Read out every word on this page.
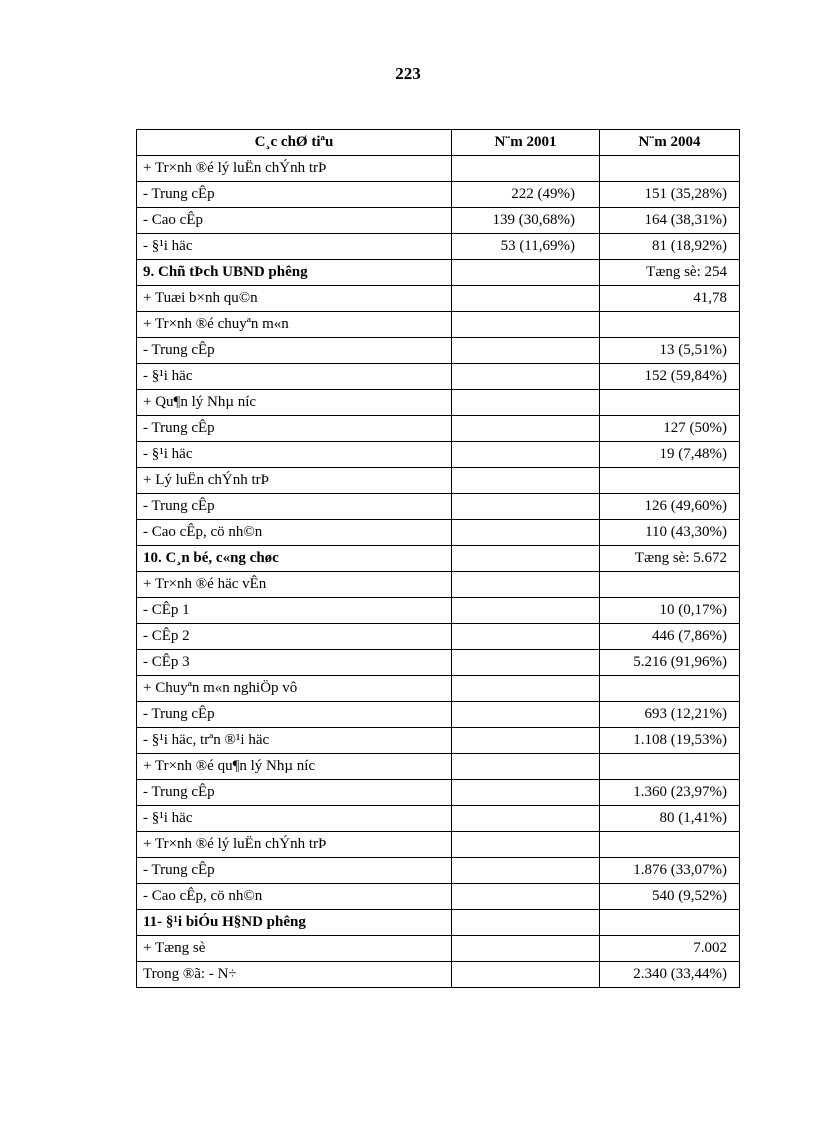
223
C¸c chØ tiªu	N¨m 2001	N¨m 2004
+ Tr×nh ®é lý luËn chÝnh trÞ		
- Trung cÊp	222 (49%)	151 (35,28%)
- Cao cÊp	139 (30,68%)	164 (38,31%)
- §¹i häc	53 (11,69%)	81 (18,92%)
9. Chñ tÞch UBND phêng		Tæng sè: 254
+ Tuæi b×nh qu©n		41,78
+ Tr×nh ®é chuyªn m«n		
- Trung cÊp		13 (5,51%)
- §¹i häc		152 (59,84%)
+ Qu¶n lý Nhµ níc		
- Trung cÊp		127 (50%)
- §¹i häc		19 (7,48%)
+ Lý luËn chÝnh trÞ		
- Trung cÊp		126 (49,60%)
- Cao cÊp, cö nh©n		110 (43,30%)
10. C¸n bé, c«ng chøc		Tæng sè: 5.672
+ Tr×nh ®é häc vÊn		
- CÊp 1		10 (0,17%)
- CÊp 2		446 (7,86%)
- CÊp 3		5.216 (91,96%)
+ Chuyªn m«n nghiÖp vô		
- Trung cÊp		693 (12,21%)
- §¹i häc, trªn ®¹i häc		1.108 (19,53%)
+ Tr×nh ®é qu¶n lý Nhµ níc		
- Trung cÊp		1.360 (23,97%)
- §¹i häc		80 (1,41%)
+ Tr×nh ®é lý luËn chÝnh trÞ		
- Trung cÊp		1.876 (33,07%)
- Cao cÊp, cö nh©n		540 (9,52%)
11- §¹i biÓu H§ND phêng		
+ Tæng sè		7.002
Trong ®ã: - N÷		2.340 (33,44%)
